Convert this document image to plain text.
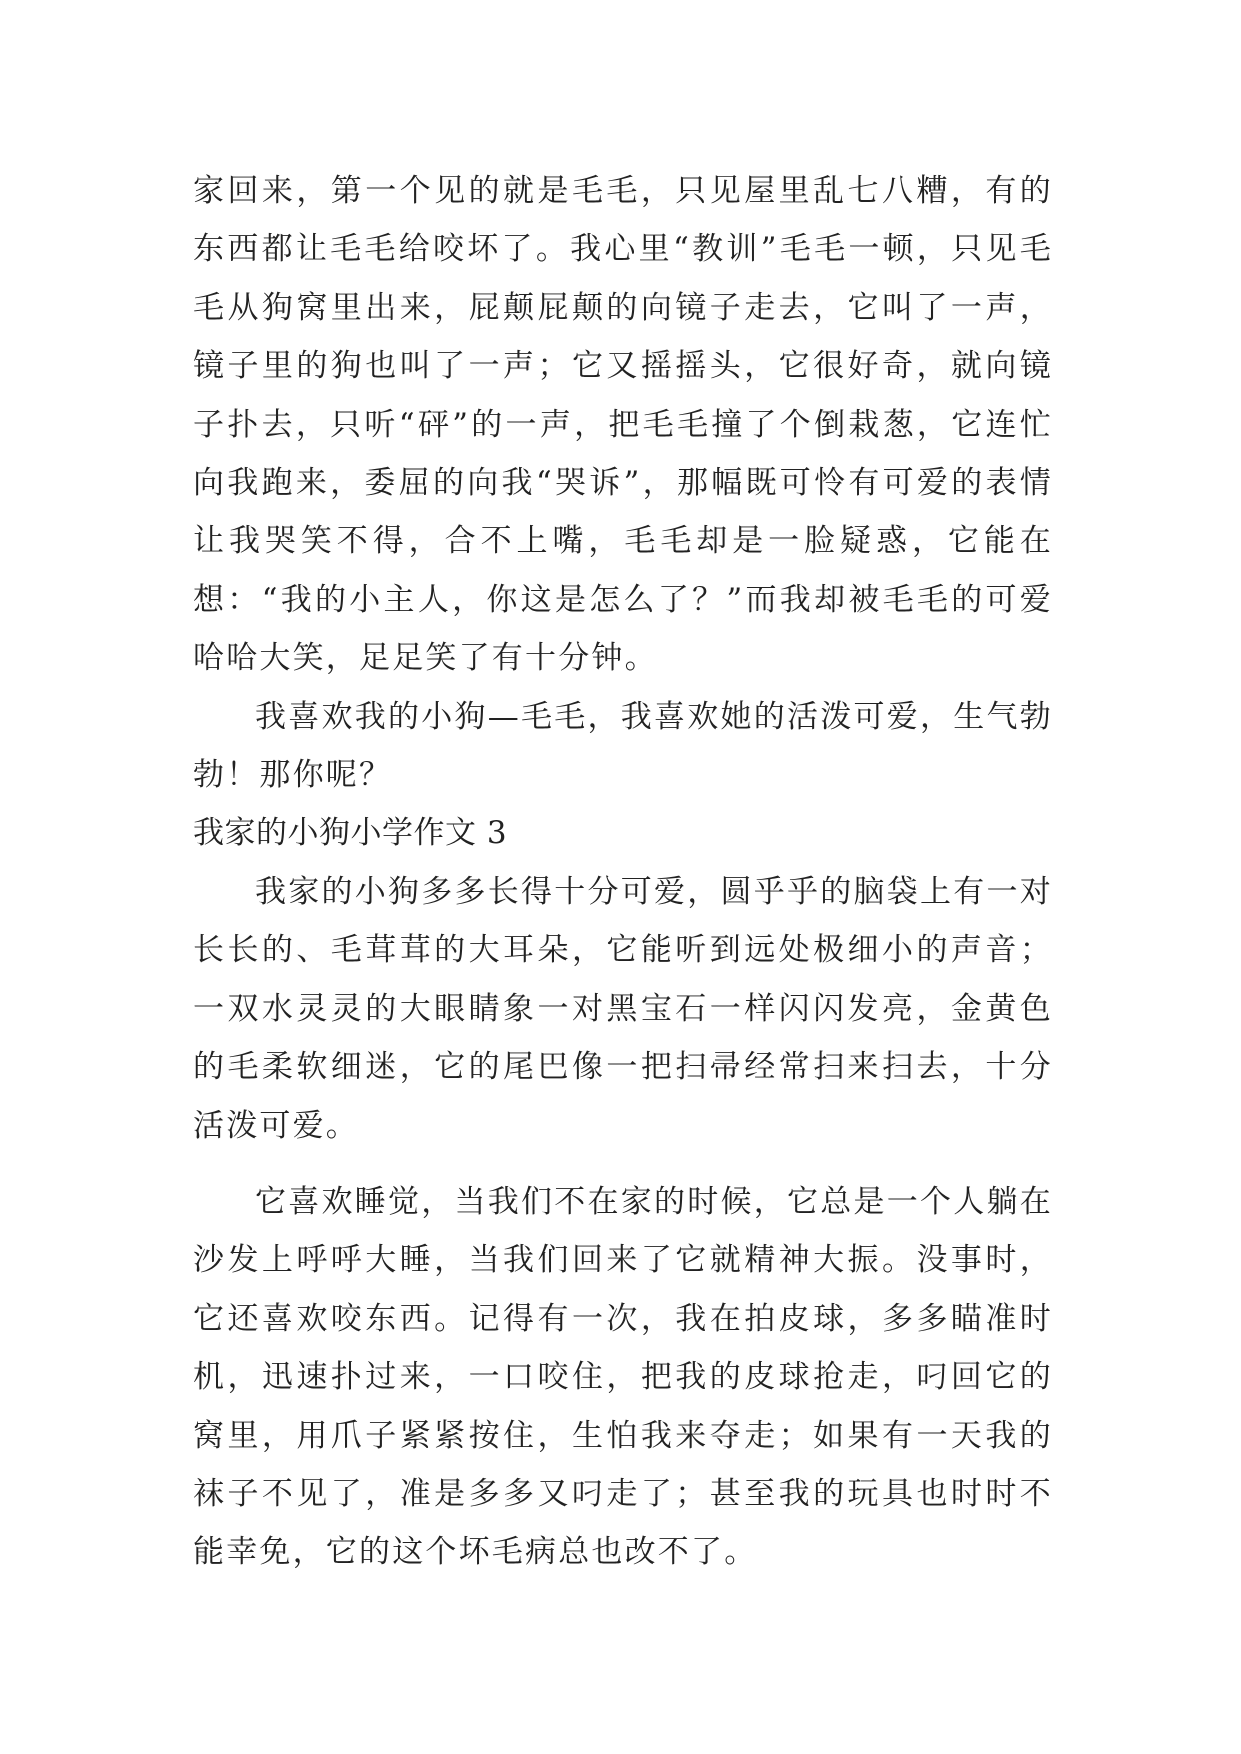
家回来，第一个见的就是毛毛，只见屋里乱七八糟，有的东西都让毛毛给咬坏了。我心里“教训”毛毛一顿，只见毛毛从狗窝里出来，屁颠屁颠的向镜子走去，它叫了一声，镜子里的狗也叫了一声；它又摇摇头，它很好奇，就向镜子扑去，只听“砰”的一声，把毛毛撞了个倒栽葱，它连忙向我跑来，委屈的向我“哭诉”，那幅既可怜有可爱的表情让我哭笑不得，合不上嘴，毛毛却是一脸疑惑，它能在想：“我的小主人，你这是怎么了？”而我却被毛毛的可爱哈哈大笑，足足笑了有十分钟。

我喜欢我的小狗—毛毛，我喜欢她的活泼可爱，生气勃勃！那你呢？

我家的小狗小学作文 3

我家的小狗多多长得十分可爱，圆乎乎的脑袋上有一对长长的、毛茸茸的大耳朵，它能听到远处极细小的声音；一双水灵灵的大眼睛象一对黑宝石一样闪闪发亮，金黄色的毛柔软细迷，它的尾巴像一把扫帚经常扫来扫去，十分活泼可爱。

它喜欢睡觉，当我们不在家的时候，它总是一个人躺在沙发上呼呼大睡，当我们回来了它就精神大振。没事时，它还喜欢咬东西。记得有一次，我在拍皮球，多多瞄准时机，迅速扑过来，一口咬住，把我的皮球抢走，叼回它的窝里，用爪子紧紧按住，生怕我来夺走；如果有一天我的袜子不见了，准是多多又叼走了；甚至我的玩具也时时不能幸免，它的这个坏毛病总也改不了。
